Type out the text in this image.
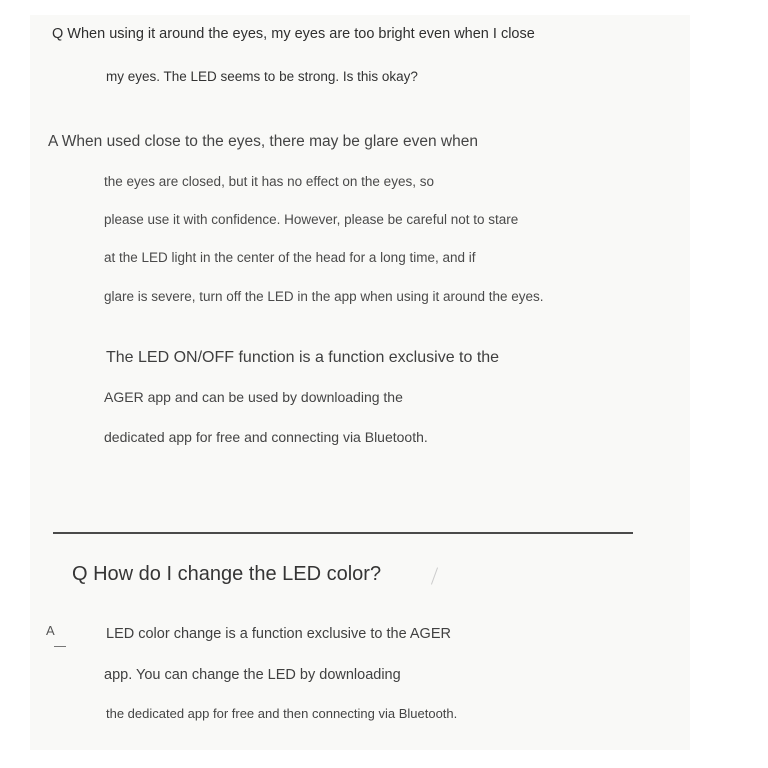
Q When using it around the eyes, my eyes are too bright even when I close
my eyes. The LED seems to be strong. Is this okay?
A When used close to the eyes, there may be glare even when
the eyes are closed, but it has no effect on the eyes, so
please use it with confidence. However, please be careful not to stare
at the LED light in the center of the head for a long time, and if
glare is severe, turn off the LED in the app when using it around the eyes.
The LED ON/OFF function is a function exclusive to the
AGER app and can be used by downloading the
dedicated app for free and connecting via Bluetooth.
Q How do I change the LED color?
A	LED color change is a function exclusive to the AGER
app. You can change the LED by downloading
the dedicated app for free and then connecting via Bluetooth.
